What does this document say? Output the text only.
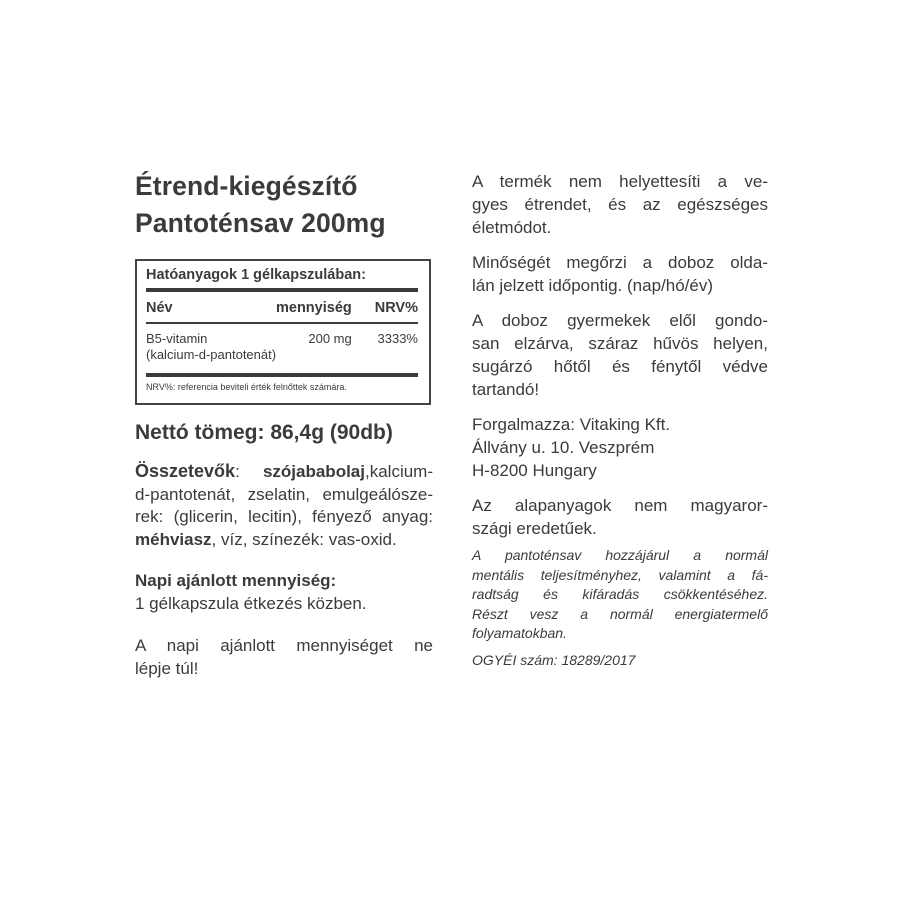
Étrend-kiegészítő
Pantoténsav 200mg
Hatóanyagok 1 gélkapszulában:
Név	mennyiség	NRV%
B5-vitamin	200 mg	3333%
(kalcium-d-pantotenát)
NRV%: referencia beviteli érték felnőttek számára.
Nettó tömeg: 86,4g (90db)
Összetevők: szójababolaj,kalcium-
d-pantotenát, zselatin, emulgeálósze-
rek: (glicerin, lecitin), fényező anyag:
méhviasz, víz, színezék: vas-oxid.
Napi ajánlott mennyiség:
1 gélkapszula étkezés közben.
A napi ajánlott mennyiséget ne
lépje túl!

A termék nem helyettesíti a ve-
gyes étrendet, és az egészséges
életmódot.

Minőségét megőrzi a doboz olda-
lán jelzett időpontig. (nap/hó/év)

A doboz gyermekek elől gondo-
san elzárva, száraz hűvös helyen,
sugárzó hőtől és fénytől védve
tartandó!

Forgalmazza: Vitaking Kft.
Állvány u. 10. Veszprém
H-8200 Hungary

Az alapanyagok nem magyaror-
szági eredetűek.

A pantoténsav hozzájárul a normál
mentális teljesítményhez, valamint a fá-
radtság és kifáradás csökkentéséhez.
Részt vesz a normál energiatermelő
folyamatokban.

OGYÉI szám: 18289/2017
